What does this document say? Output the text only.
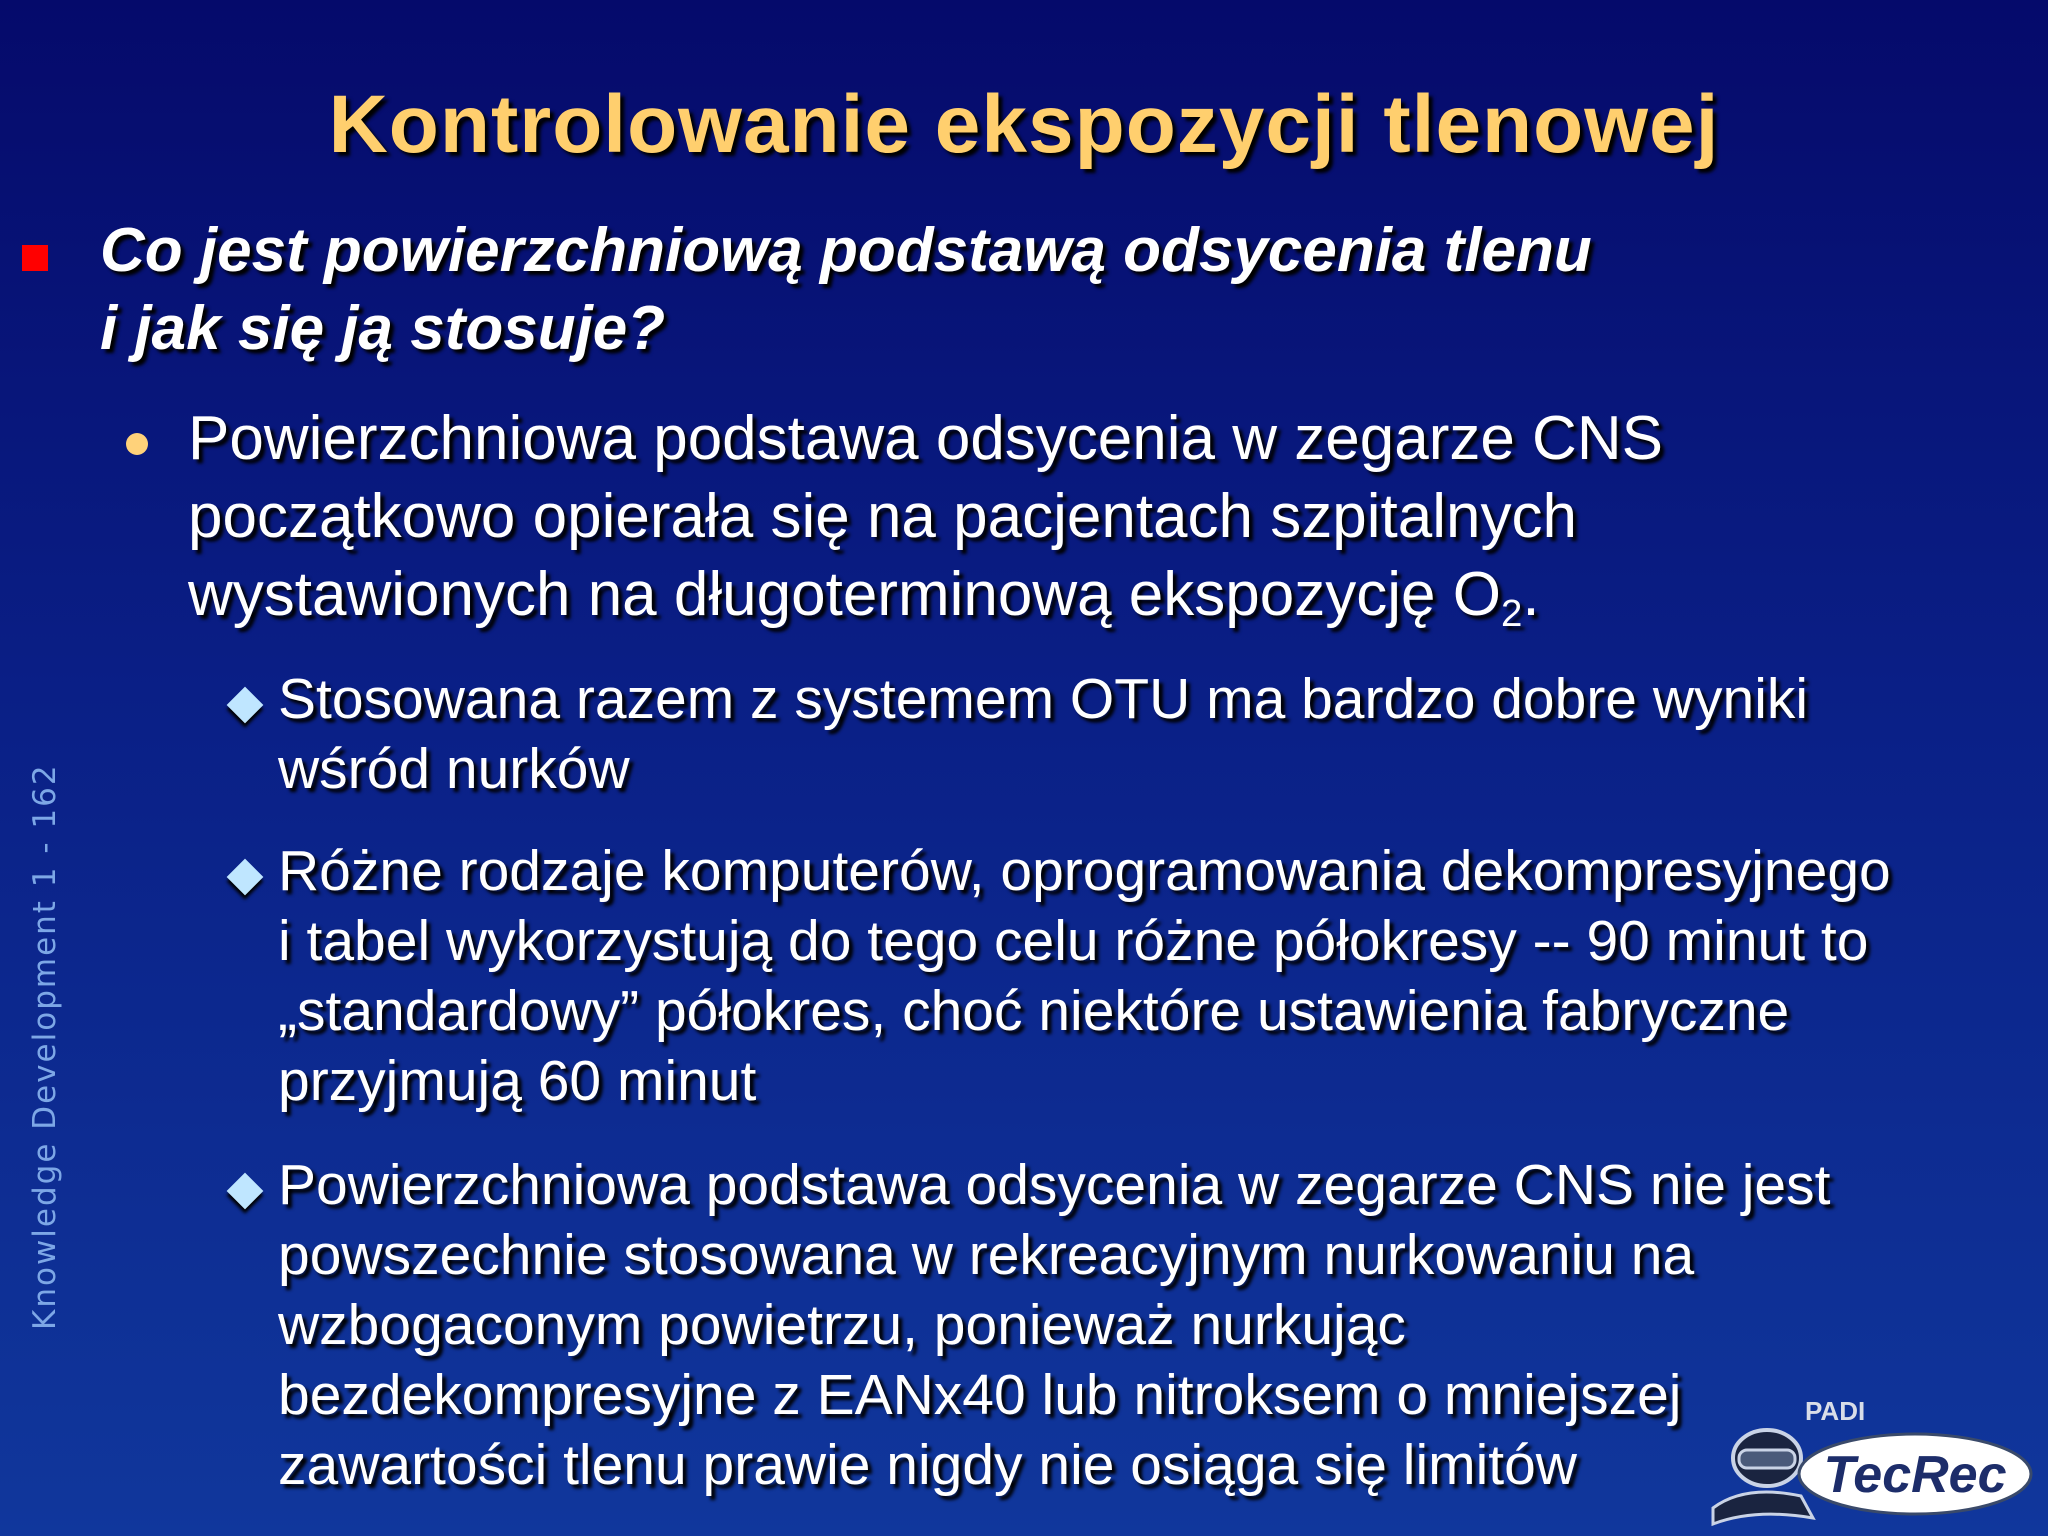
Kontrolowanie ekspozycji tlenowej
Co jest powierzchniową podstawą odsycenia tlenu
i jak się ją stosuje?
Powierzchniowa podstawa odsycenia w zegarze CNS
początkowo opierała się na pacjentach szpitalnych
wystawionych na długoterminową ekspozycję $O_2$.
Stosowana razem z systemem OTU ma bardzo dobre wyniki
wśród nurków
Różne rodzaje komputerów, oprogramowania dekompresyjnego
i tabel wykorzystują do tego celu różne półokresy -- 90 minut to
„standardowy” półokres, choć niektóre ustawienia fabryczne
przyjmują 60 minut
Powierzchniowa podstawa odsycenia w zegarze CNS nie jest
powszechnie stosowana w rekreacyjnym nurkowaniu na
wzbogaconym powietrzu, ponieważ nurkując
bezdekompresyjne z EANx40 lub nitroksem o mniejszej
zawartości tlenu prawie nigdy nie osiąga się limitów
Knowledge Development 1 - 162
PADI
TecRec
